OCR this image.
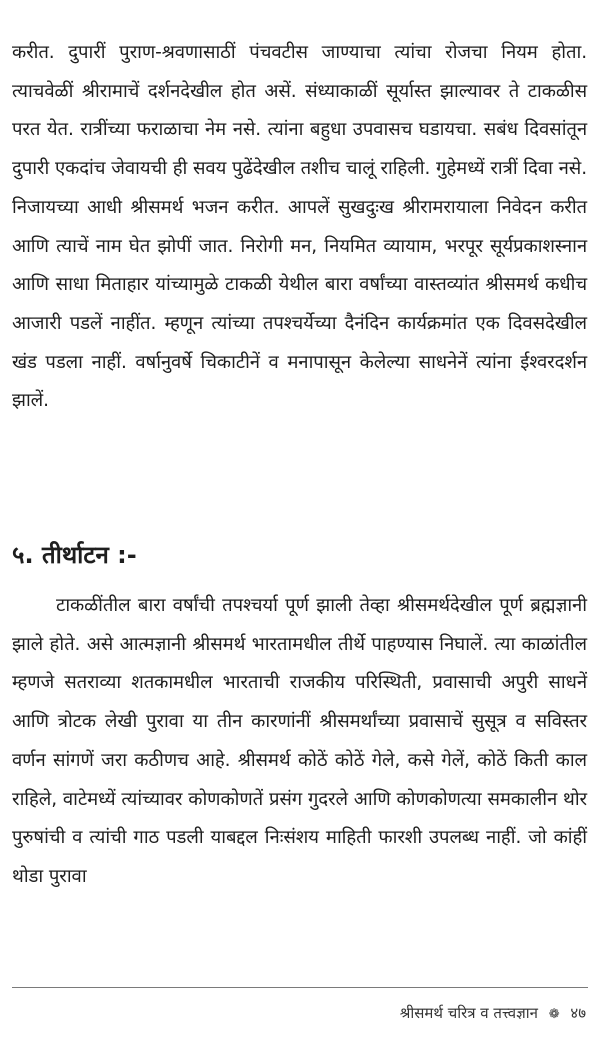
करीत. दुपारीं पुराण-श्रवणासाठीं पंचवटीस जाण्याचा त्यांचा रोजचा नियम होता. त्याचवेळीं श्रीरामाचें दर्शनदेखील होत असें. संध्याकाळीं सूर्यास्त झाल्यावर ते टाकळीस परत येत. रात्रींच्या फराळाचा नेम नसे. त्यांना बहुधा उपवासच घडायचा. सबंध दिवसांतून दुपारी एकदांच जेवायची ही सवय पुढेंदेखील तशीच चालूं राहिली. गुहेमध्यें रात्रीं दिवा नसे. निजायच्या आधी श्रीसमर्थ भजन करीत. आपलें सुखदुःख श्रीरामरायाला निवेदन करीत आणि त्याचें नाम घेत झोपीं जात. निरोगी मन, नियमित व्यायाम, भरपूर सूर्यप्रकाशस्नान आणि साधा मिताहार यांच्यामुळे टाकळी येथील बारा वर्षांच्या वास्तव्यांत श्रीसमर्थ कधीच आजारी पडलें नाहींत. म्हणून त्यांच्या तपश्चर्येच्या दैनंदिन कार्यक्रमांत एक दिवसदेखील खंड पडला नाहीं. वर्षानुवर्षे चिकाटीनें व मनापासून केलेल्या साधनेनें त्यांना ईश्वरदर्शन झालें.

५. तीर्थाटन :-

टाकळींतील बारा वर्षांची तपश्चर्या पूर्ण झाली तेव्हा श्रीसमर्थदेखील पूर्ण ब्रह्मज्ञानी झाले होते. असे आत्मज्ञानी श्रीसमर्थ भारतामधील तीर्थे पाहण्यास निघालें. त्या काळांतील म्हणजे सतराव्या शतकामधील भारताची राजकीय परिस्थिती, प्रवासाची अपुरी साधनें आणि त्रोटक लेखी पुरावा या तीन कारणांनीं श्रीसमर्थांच्या प्रवासाचें सुसूत्र व सविस्तर वर्णन सांगणें जरा कठीणच आहे. श्रीसमर्थ कोठें कोठें गेले, कसे गेलें, कोठें किती काल राहिले, वाटेमध्यें त्यांच्यावर कोणकोणतें प्रसंग गुदरले आणि कोणकोणत्या समकालीन थोर पुरुषांची व त्यांची गाठ पडली याबद्दल निःसंशय माहिती फारशी उपलब्ध नाहीं. जो कांहीं थोडा पुरावा

श्रीसमर्थ चरित्र व तत्त्वज्ञान ❁ ४७
